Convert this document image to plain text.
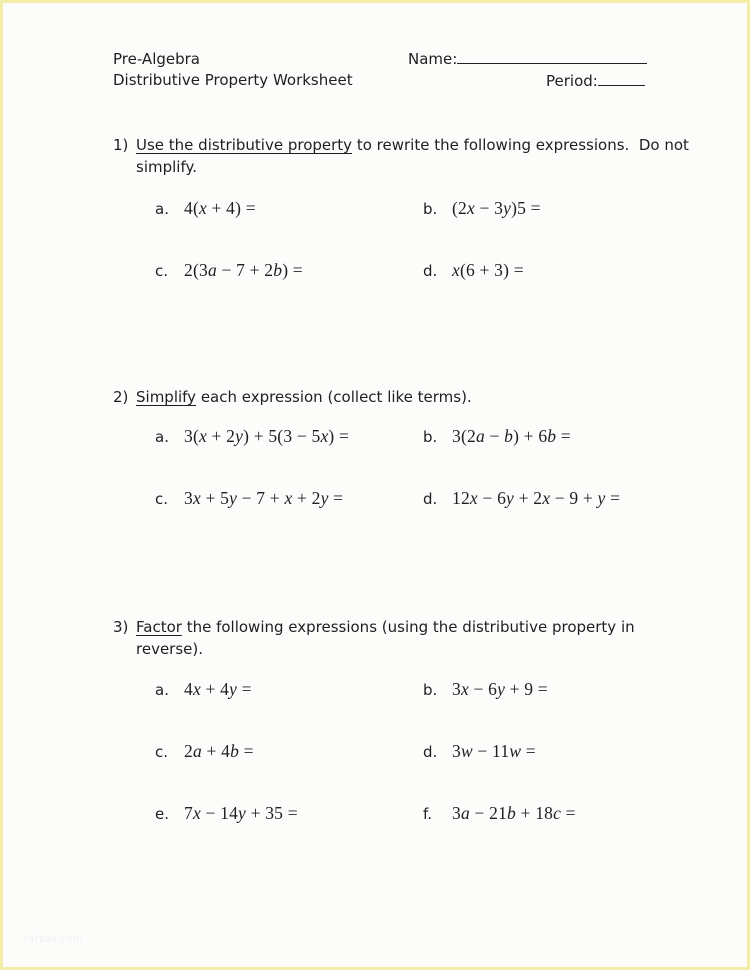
Pre-Algebra
Distributive Property Worksheet
Name:
Period:
1) Use the distributive property to rewrite the following expressions.  Do not
simplify.
a. 4(x + 4) =	b. (2x − 3y)5 =
c. 2(3a − 7 + 2b) =	d. x(6 + 3) =
2) Simplify each expression (collect like terms).
a. 3(x + 2y) + 5(3 − 5x) =	b. 3(2a − b) + 6b =
c. 3x + 5y − 7 + x + 2y =	d. 12x − 6y + 2x − 9 + y =
3) Factor the following expressions (using the distributive property in
reverse).
a. 4x + 4y =	b. 3x − 6y + 9 =
c. 2a + 4b =	d. 3w − 11w =
e. 7x − 14y + 35 =	f.	3a − 21b + 18c =
ratbas.com
